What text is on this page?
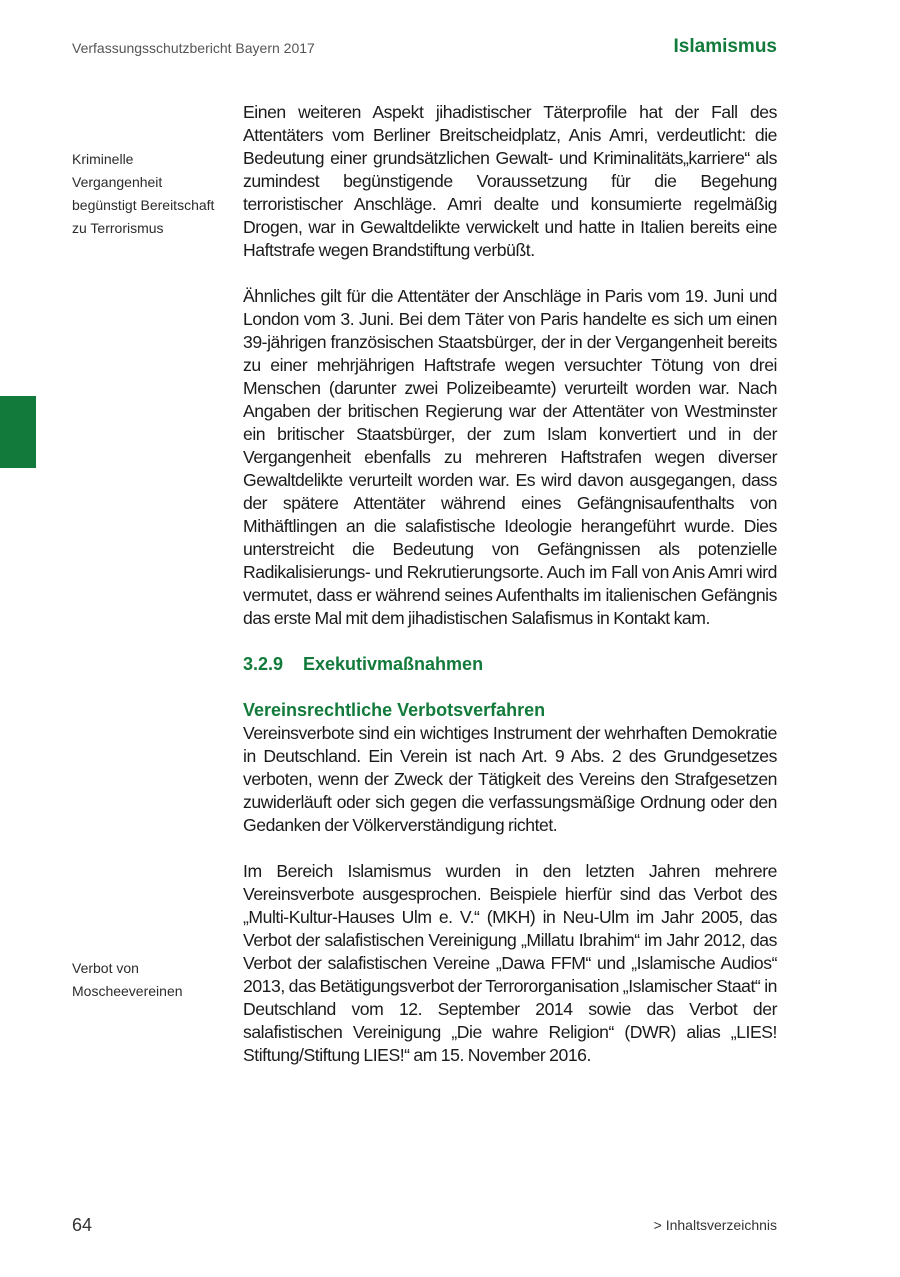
Verfassungsschutzbericht Bayern 2017	Islamismus
Kriminelle Vergangenheit begünstigt Bereitschaft zu Terrorismus
Verbot von Moscheevereinen

Einen weiteren Aspekt jihadistischer Täterprofile hat der Fall des Attentäters vom Berliner Breitscheidplatz, Anis Amri, verdeutlicht: die Bedeutung einer grundsätzlichen Gewalt- und Kriminalitäts„karriere“ als zumindest begünstigende Voraussetzung für die Begehung terroristischer Anschläge. Amri dealte und konsumierte regelmäßig Drogen, war in Gewaltdelikte verwickelt und hatte in Italien bereits eine Haftstrafe wegen Brandstiftung verbüßt.

Ähnliches gilt für die Attentäter der Anschläge in Paris vom 19. Juni und London vom 3. Juni. Bei dem Täter von Paris handelte es sich um einen 39-jährigen französischen Staatsbürger, der in der Vergangenheit bereits zu einer mehrjährigen Haftstrafe wegen versuchter Tötung von drei Menschen (darunter zwei Polizeibeamte) verurteilt worden war. Nach Angaben der britischen Regierung war der Attentäter von Westminster ein britischer Staatsbürger, der zum Islam konvertiert und in der Vergangenheit ebenfalls zu mehreren Haftstrafen wegen diverser Gewaltdelikte verurteilt worden war. Es wird davon ausgegangen, dass der spätere Attentäter während eines Gefängnisaufenthalts von Mithäftlingen an die salafistische Ideologie herangeführt wurde. Dies unterstreicht die Bedeutung von Gefängnissen als potenzielle Radikalisierungs- und Rekrutierungsorte. Auch im Fall von Anis Amri wird vermutet, dass er während seines Aufenthalts im italienischen Gefängnis das erste Mal mit dem jihadistischen Salafismus in Kontakt kam.

3.2.9 Exekutivmaßnahmen
Vereinsrechtliche Verbotsverfahren

Vereinsverbote sind ein wichtiges Instrument der wehrhaften Demokratie in Deutschland. Ein Verein ist nach Art. 9 Abs. 2 des Grundgesetzes verboten, wenn der Zweck der Tätigkeit des Vereins den Strafgesetzen zuwiderläuft oder sich gegen die verfassungsmäßige Ordnung oder den Gedanken der Völkerverständigung richtet.

Im Bereich Islamismus wurden in den letzten Jahren mehrere Vereinsverbote ausgesprochen. Beispiele hierfür sind das Verbot des „Multi-Kultur-Hauses Ulm e. V.“ (MKH) in Neu-Ulm im Jahr 2005, das Verbot der salafistischen Vereinigung „Millatu Ibrahim“ im Jahr 2012, das Verbot der salafistischen Vereine „Dawa FFM“ und „Islamische Audios“ 2013, das Betätigungsverbot der Terrororganisation „Islamischer Staat“ in Deutschland vom 12. September 2014 sowie das Verbot der salafistischen Vereinigung „Die wahre Religion“ (DWR) alias „LIES! Stiftung/Stiftung LIES!“ am 15. November 2016.

64	> Inhaltsverzeichnis
